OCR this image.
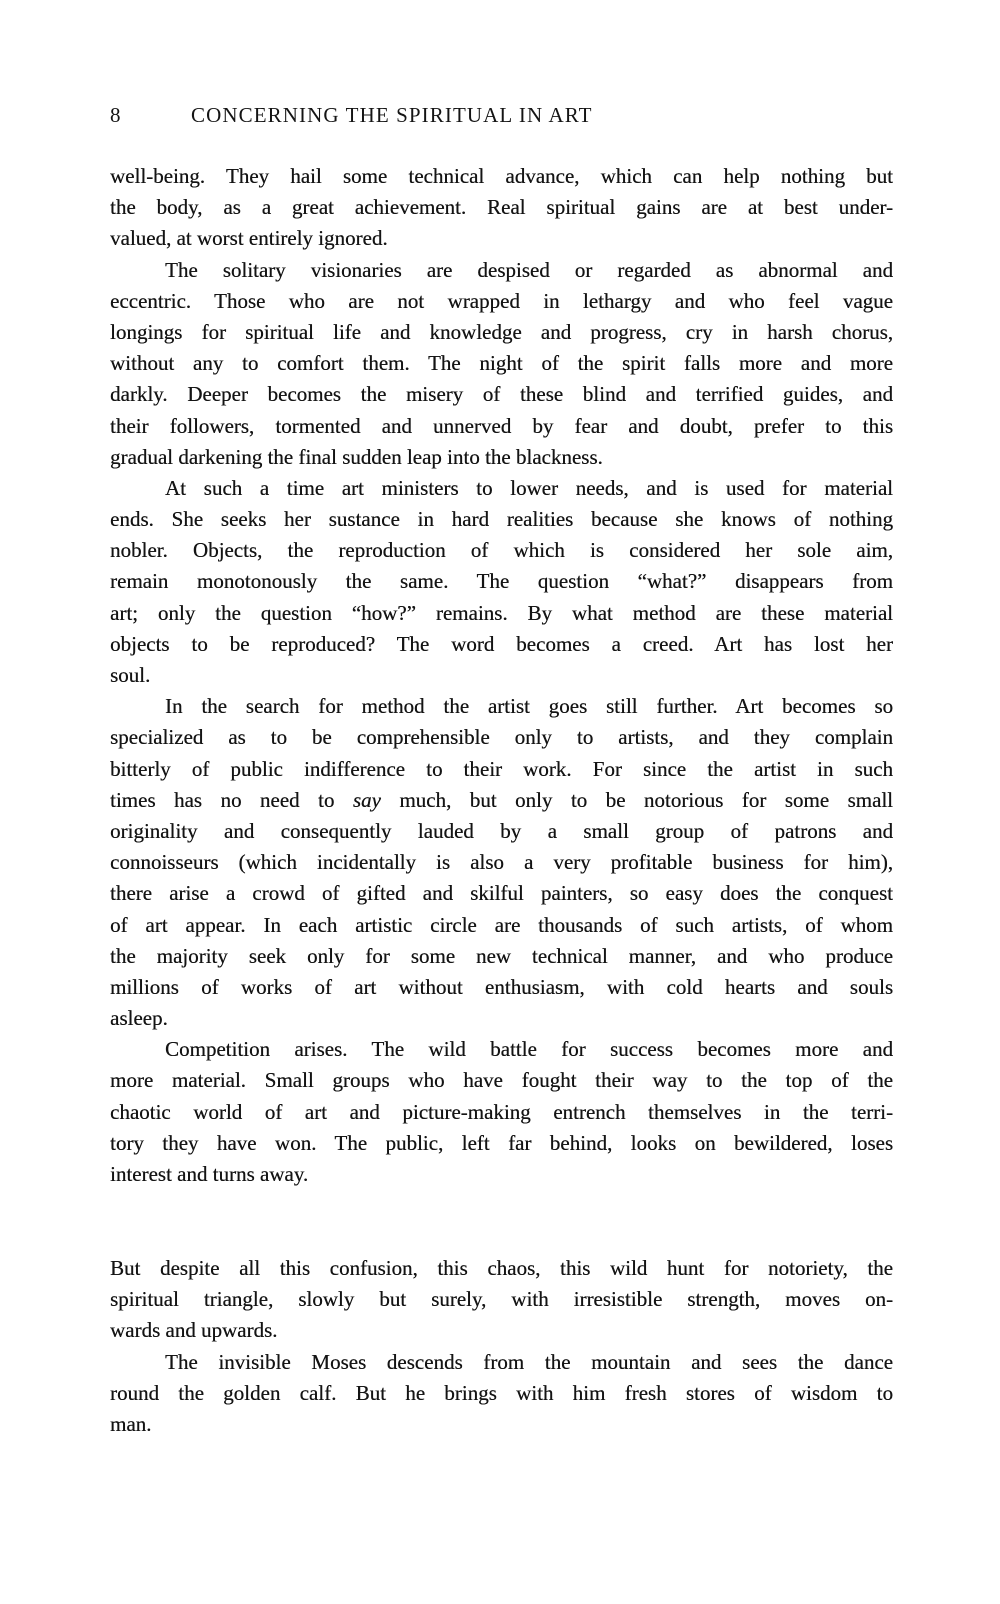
8	CONCERNING THE SPIRITUAL IN ART
well-being. They hail some technical advance, which can help nothing but
the body, as a great achievement. Real spiritual gains are at best under-
valued, at worst entirely ignored.
The solitary visionaries are despised or regarded as abnormal and
eccentric. Those who are not wrapped in lethargy and who feel vague
longings for spiritual life and knowledge and progress, cry in harsh chorus,
without any to comfort them. The night of the spirit falls more and more
darkly. Deeper becomes the misery of these blind and terrified guides, and
their followers, tormented and unnerved by fear and doubt, prefer to this
gradual darkening the final sudden leap into the blackness.
At such a time art ministers to lower needs, and is used for material
ends. She seeks her sustance in hard realities because she knows of nothing
nobler. Objects, the reproduction of which is considered her sole aim,
remain monotonously the same. The question “what?” disappears from
art; only the question “how?” remains. By what method are these material
objects to be reproduced? The word becomes a creed. Art has lost her
soul.
In the search for method the artist goes still further. Art becomes so
specialized as to be comprehensible only to artists, and they complain
bitterly of public indifference to their work. For since the artist in such
times has no need to say much, but only to be notorious for some small
originality and consequently lauded by a small group of patrons and
connoisseurs (which incidentally is also a very profitable business for him),
there arise a crowd of gifted and skilful painters, so easy does the conquest
of art appear. In each artistic circle are thousands of such artists, of whom
the majority seek only for some new technical manner, and who produce
millions of works of art without enthusiasm, with cold hearts and souls
asleep.
Competition arises. The wild battle for success becomes more and
more material. Small groups who have fought their way to the top of the
chaotic world of art and picture-making entrench themselves in the terri-
tory they have won. The public, left far behind, looks on bewildered, loses
interest and turns away.
But despite all this confusion, this chaos, this wild hunt for notoriety, the
spiritual triangle, slowly but surely, with irresistible strength, moves on-
wards and upwards.
The invisible Moses descends from the mountain and sees the dance
round the golden calf. But he brings with him fresh stores of wisdom to
man.
